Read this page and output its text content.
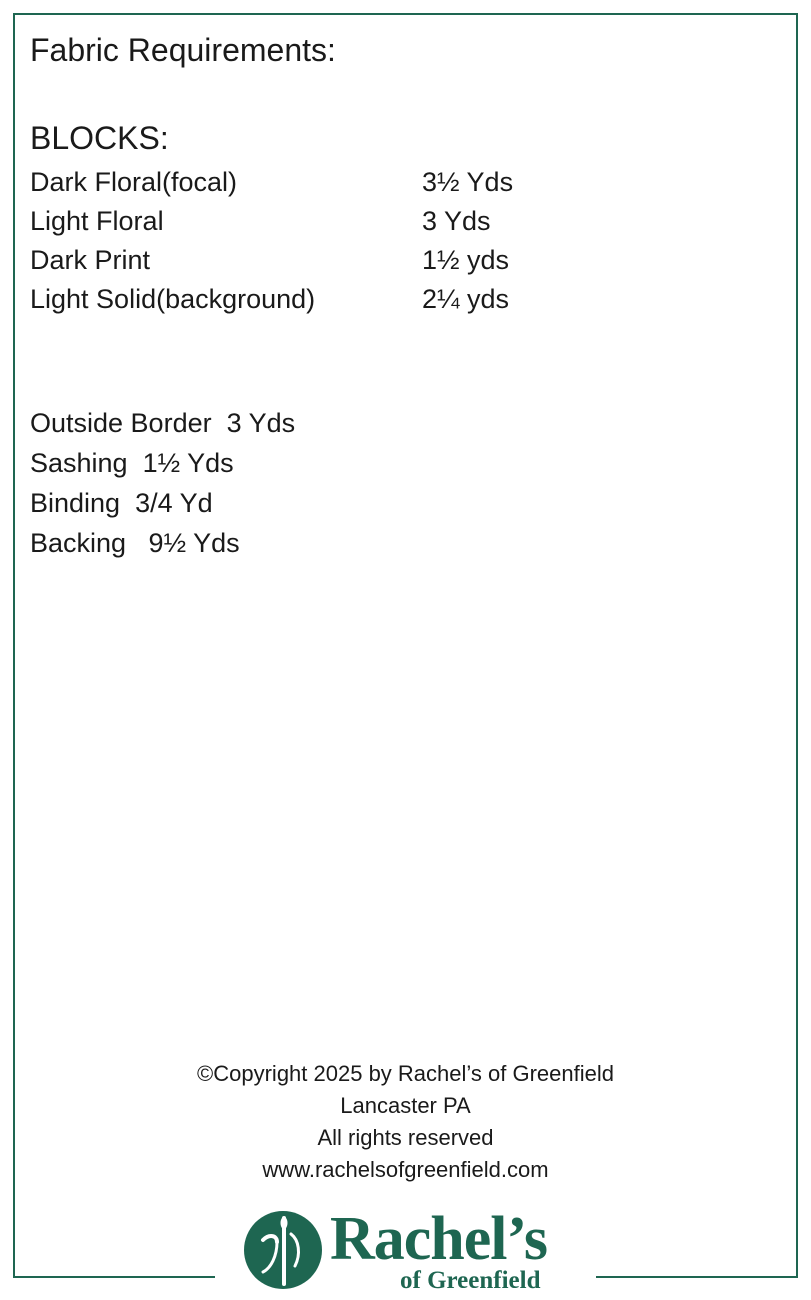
Fabric Requirements:
BLOCKS:
Dark Floral(focal)	3½ Yds
Light Floral	3 Yds
Dark Print	1½ yds
Light Solid(background)	2¼ yds
Outside Border  3 Yds
Sashing  1½ Yds
Binding  3/4 Yd
Backing   9½ Yds
©Copyright 2025 by Rachel’s of Greenfield
Lancaster PA
All rights reserved
www.rachelsofgreenfield.com
Rachel’s
of Greenfield
